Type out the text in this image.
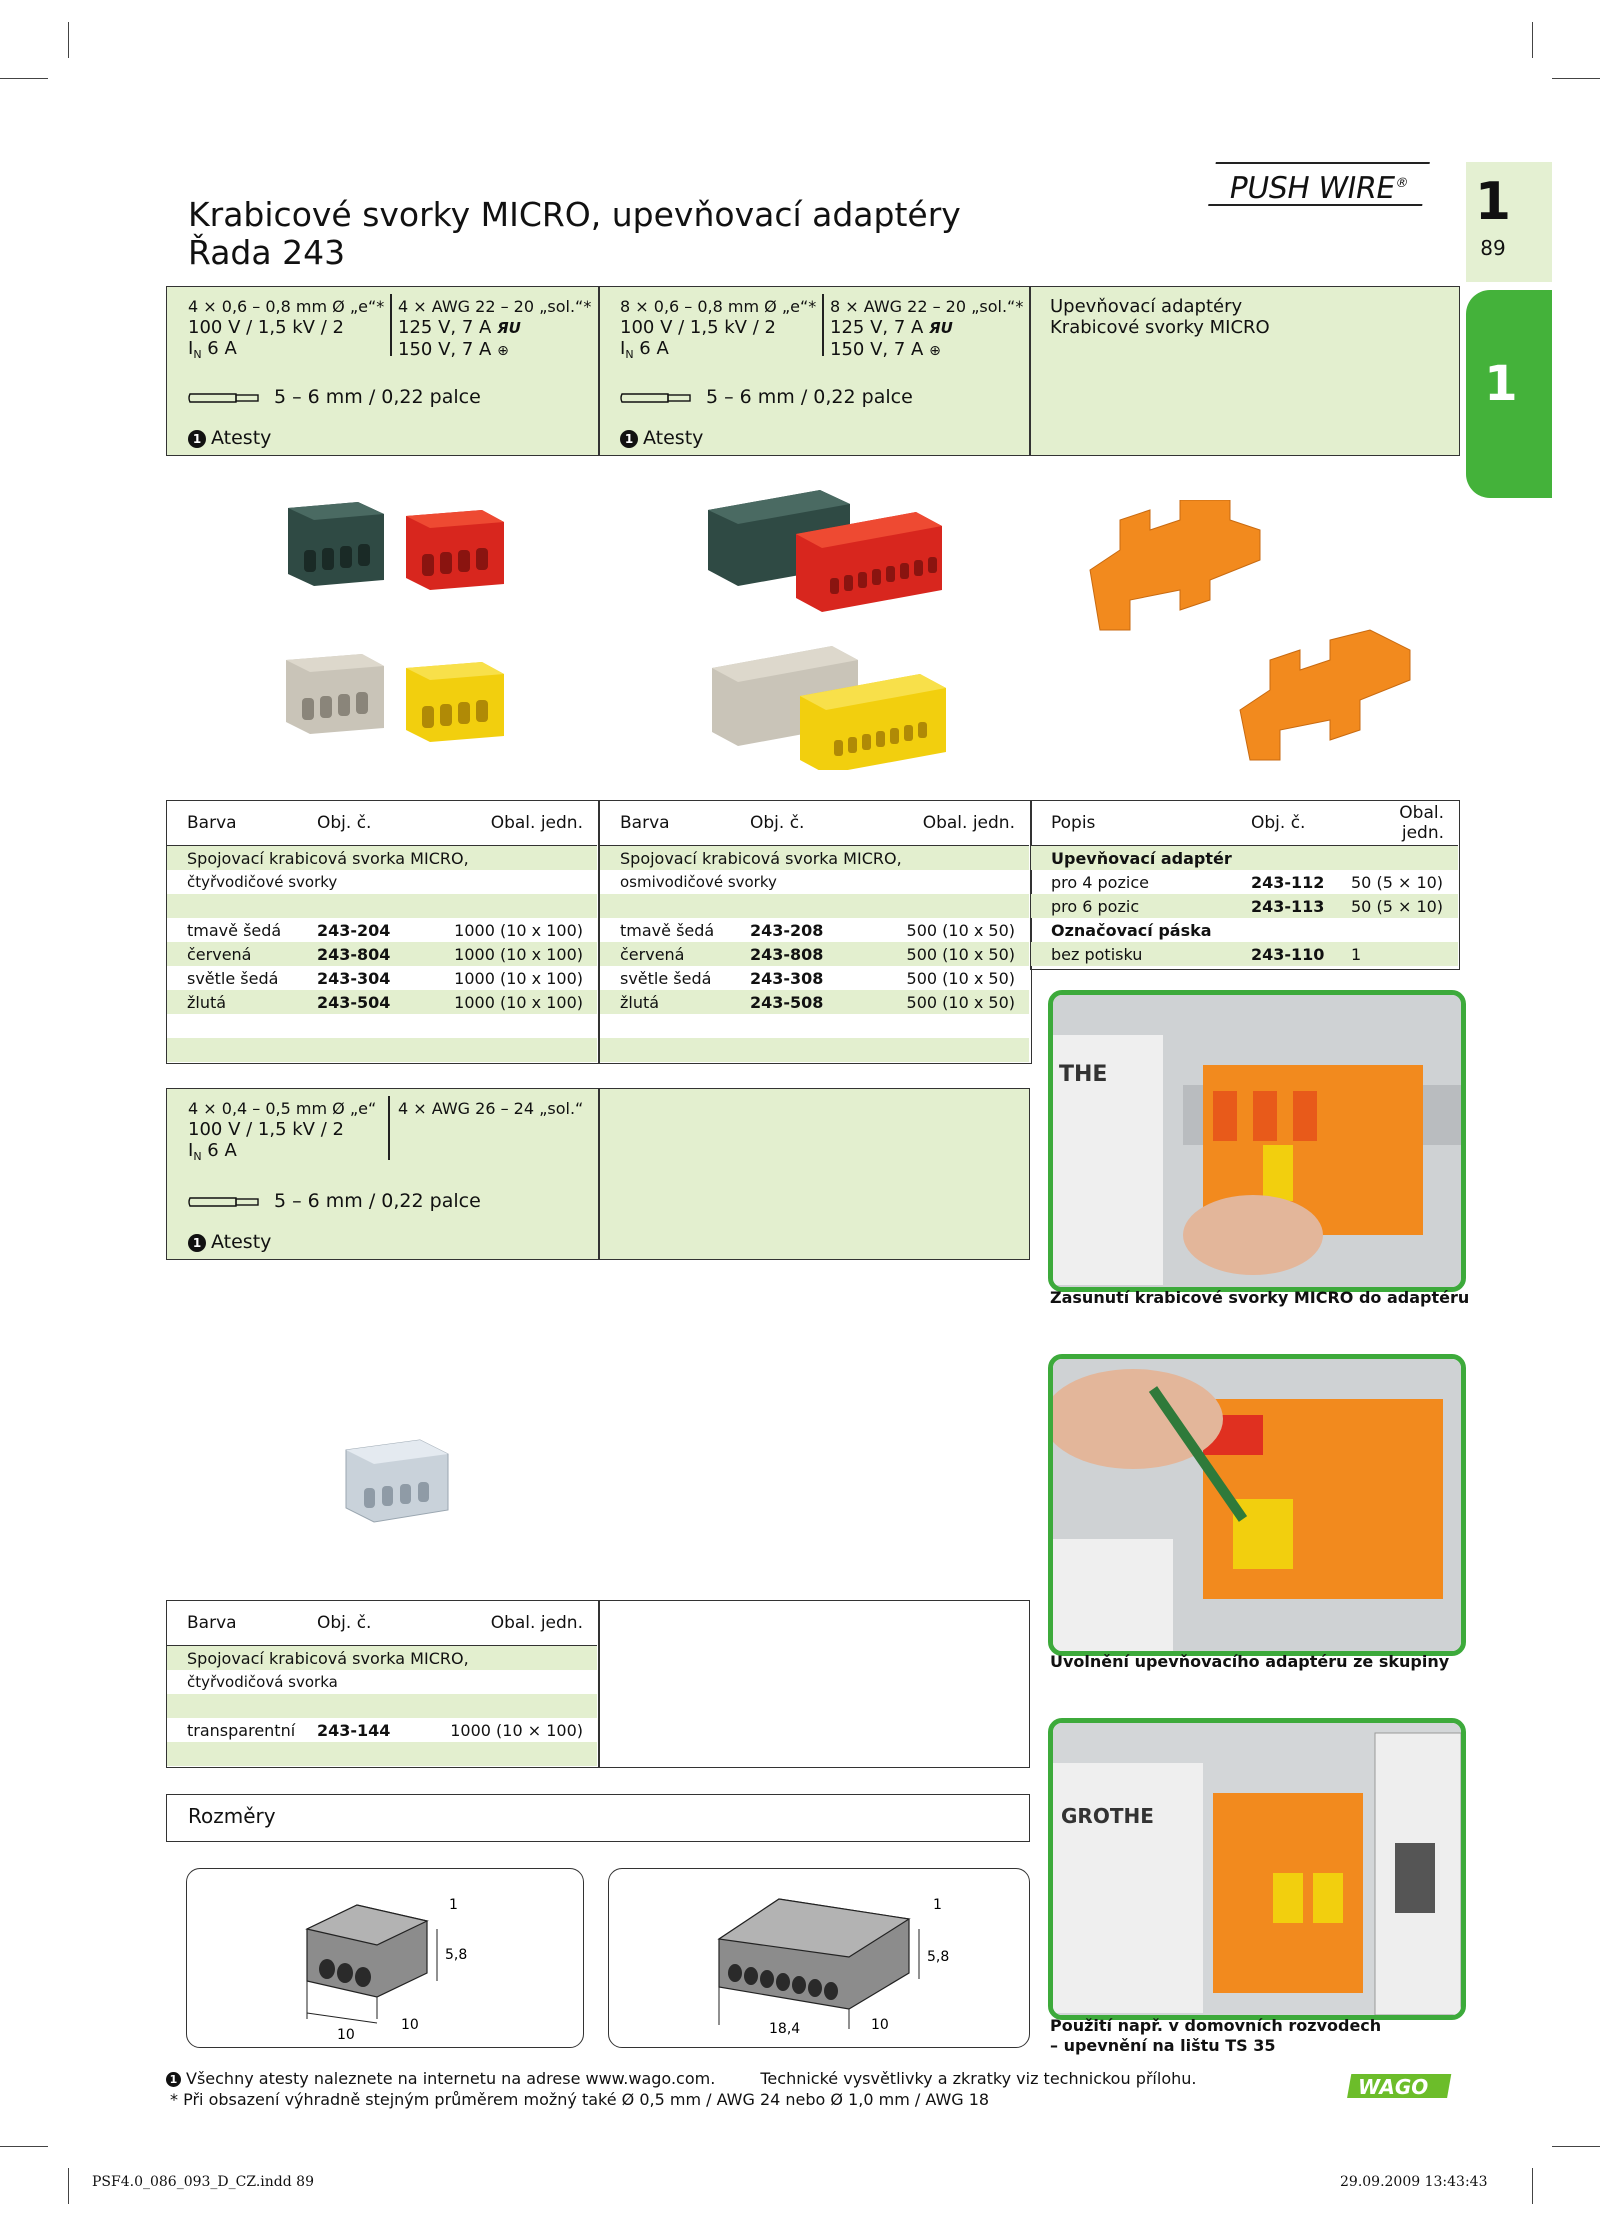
Krabicové svorky MICRO, upevňovací adaptéry
Řada 243
PUSH WIRE®	1
89
1
4 × 0,6 – 0,8 mm Ø „e“*
100 V / 1,5 kV / 2
$I_N$ 6 A
4 × AWG 22 – 20 „sol.“*
125 V, 7 A ЯU
150 V, 7 A ⊕
5 – 6 mm / 0,22 palce
1 Atesty
8 × 0,6 – 0,8 mm Ø „e“*
100 V / 1,5 kV / 2
$I_N$ 6 A
8 × AWG 22 – 20 „sol.“*
125 V, 7 A ЯU
150 V, 7 A ⊕
5 – 6 mm / 0,22 palce
1 Atesty
Upevňovací adaptéry
Krabicové svorky MICRO
Barva	Obj. č.	Obal. jedn.
Spojovací krabicová svorka MICRO,		
čtyřvodičové svorky		

tmavě šedá	243-204	1000 (10 x 100)
červená	243-804	1000 (10 x 100)
světle šedá	243-304	1000 (10 x 100)
žlutá	243-504	1000 (10 x 100)

Barva	Obj. č.	Obal. jedn.
Spojovací krabicová svorka MICRO,		
osmivodičové svorky		

tmavě šedá	243-208	500 (10 x 50)
červená	243-808	500 (10 x 50)
světle šedá	243-308	500 (10 x 50)
žlutá	243-508	500 (10 x 50)

Popis	Obj. č.	Obal. jedn.
Upevňovací adaptér		
pro 4 pozice	243-112	50 (5 × 10)
pro 6 pozic	243-113	50 (5 × 10)
Označovací páska		
bez potisku	243-110	1
4 × 0,4 – 0,5 mm Ø „e“
100 V / 1,5 kV / 2
$I_N$ 6 A
4 × AWG 26 – 24 „sol.“
5 – 6 mm / 0,22 palce
1 Atesty
Barva	Obj. č.	Obal. jedn.
Spojovací krabicová svorka MICRO,		
čtyřvodičová svorka		

transparentní	243-144	1000 (10 × 100)

Rozměry
10
10
5,8
1
18,4	10
5,8
1
THE
Zasunutí krabicové svorky MICRO do adaptéru
Uvolnění upevňovacího adaptéru ze skupiny
GROTHE
Použití např. v domovních rozvodech
– upevnění na lištu TS 35
1 Všechny atesty naleznete na internetu na adrese www.wago.com.	Technické vysvětlivky a zkratky viz technickou přílohu.
* Při obsazení výhradně stejným průměrem možný také Ø 0,5 mm / AWG 24 nebo Ø 1,0 mm / AWG 18
WAGO
PSF4.0_086_093_D_CZ.indd 89	29.09.2009 13:43:43
